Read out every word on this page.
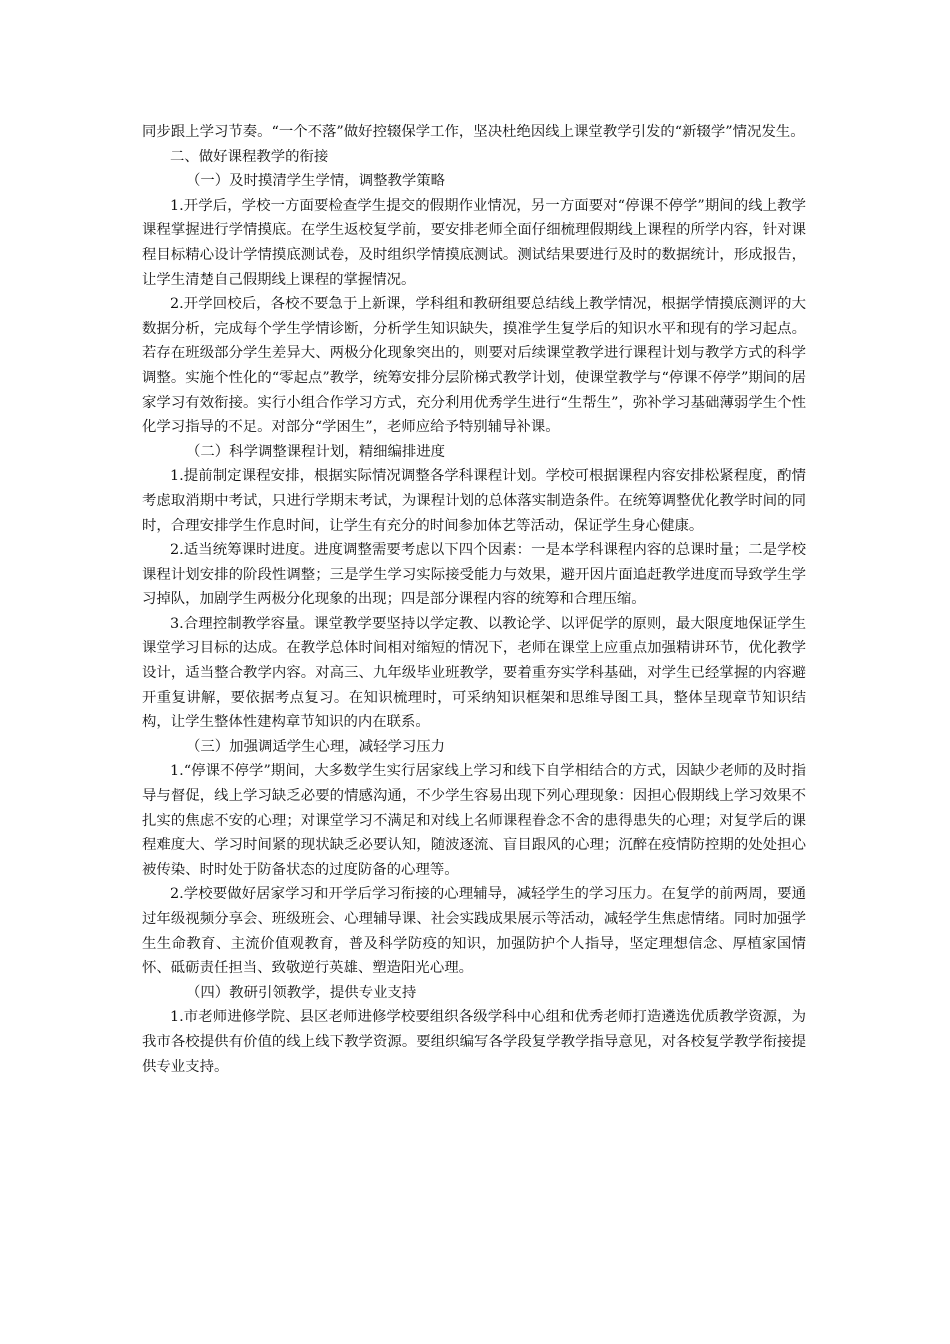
同步跟上学习节奏。“一个不落”做好控辍保学工作，坚决杜绝因线上课堂教学引发的“新辍学”情况发生。

二、做好课程教学的衔接

（一）及时摸清学生学情，调整教学策略

1.开学后，学校一方面要检查学生提交的假期作业情况，另一方面要对“停课不停学”期间的线上教学课程掌握进行学情摸底。在学生返校复学前，要安排老师全面仔细梳理假期线上课程的所学内容，针对课程目标精心设计学情摸底测试卷，及时组织学情摸底测试。测试结果要进行及时的数据统计，形成报告，让学生清楚自己假期线上课程的掌握情况。

2.开学回校后，各校不要急于上新课，学科组和教研组要总结线上教学情况，根据学情摸底测评的大数据分析，完成每个学生学情诊断，分析学生知识缺失，摸准学生复学后的知识水平和现有的学习起点。若存在班级部分学生差异大、两极分化现象突出的，则要对后续课堂教学进行课程计划与教学方式的科学调整。实施个性化的“零起点”教学，统筹安排分层阶梯式教学计划，使课堂教学与“停课不停学”期间的居家学习有效衔接。实行小组合作学习方式，充分利用优秀学生进行“生帮生”，弥补学习基础薄弱学生个性化学习指导的不足。对部分“学困生”，老师应给予特别辅导补课。

（二）科学调整课程计划，精细编排进度

1.提前制定课程安排，根据实际情况调整各学科课程计划。学校可根据课程内容安排松紧程度，酌情考虑取消期中考试，只进行学期末考试，为课程计划的总体落实制造条件。在统筹调整优化教学时间的同时，合理安排学生作息时间，让学生有充分的时间参加体艺等活动，保证学生身心健康。

2.适当统筹课时进度。进度调整需要考虑以下四个因素：一是本学科课程内容的总课时量；二是学校课程计划安排的阶段性调整；三是学生学习实际接受能力与效果，避开因片面追赶教学进度而导致学生学习掉队，加剧学生两极分化现象的出现；四是部分课程内容的统筹和合理压缩。

3.合理控制教学容量。课堂教学要坚持以学定教、以教论学、以评促学的原则，最大限度地保证学生课堂学习目标的达成。在教学总体时间相对缩短的情况下，老师在课堂上应重点加强精讲环节，优化教学设计，适当整合教学内容。对高三、九年级毕业班教学，要着重夯实学科基础，对学生已经掌握的内容避开重复讲解，要依据考点复习。在知识梳理时，可采纳知识框架和思维导图工具，整体呈现章节知识结构，让学生整体性建构章节知识的内在联系。

（三）加强调适学生心理，减轻学习压力

1.“停课不停学”期间，大多数学生实行居家线上学习和线下自学相结合的方式，因缺少老师的及时指导与督促，线上学习缺乏必要的情感沟通，不少学生容易出现下列心理现象：因担心假期线上学习效果不扎实的焦虑不安的心理；对课堂学习不满足和对线上名师课程眷念不舍的患得患失的心理；对复学后的课程难度大、学习时间紧的现状缺乏必要认知，随波逐流、盲目跟风的心理；沉醉在疫情防控期的处处担心被传染、时时处于防备状态的过度防备的心理等。

2.学校要做好居家学习和开学后学习衔接的心理辅导，减轻学生的学习压力。在复学的前两周，要通过年级视频分享会、班级班会、心理辅导课、社会实践成果展示等活动，减轻学生焦虑情绪。同时加强学生生命教育、主流价值观教育，普及科学防疫的知识，加强防护个人指导，坚定理想信念、厚植家国情怀、砥砺责任担当、致敬逆行英雄、塑造阳光心理。

（四）教研引领教学，提供专业支持

1.市老师进修学院、县区老师进修学校要组织各级学科中心组和优秀老师打造遴选优质教学资源，为我市各校提供有价值的线上线下教学资源。要组织编写各学段复学教学指导意见，对各校复学教学衔接提供专业支持。
